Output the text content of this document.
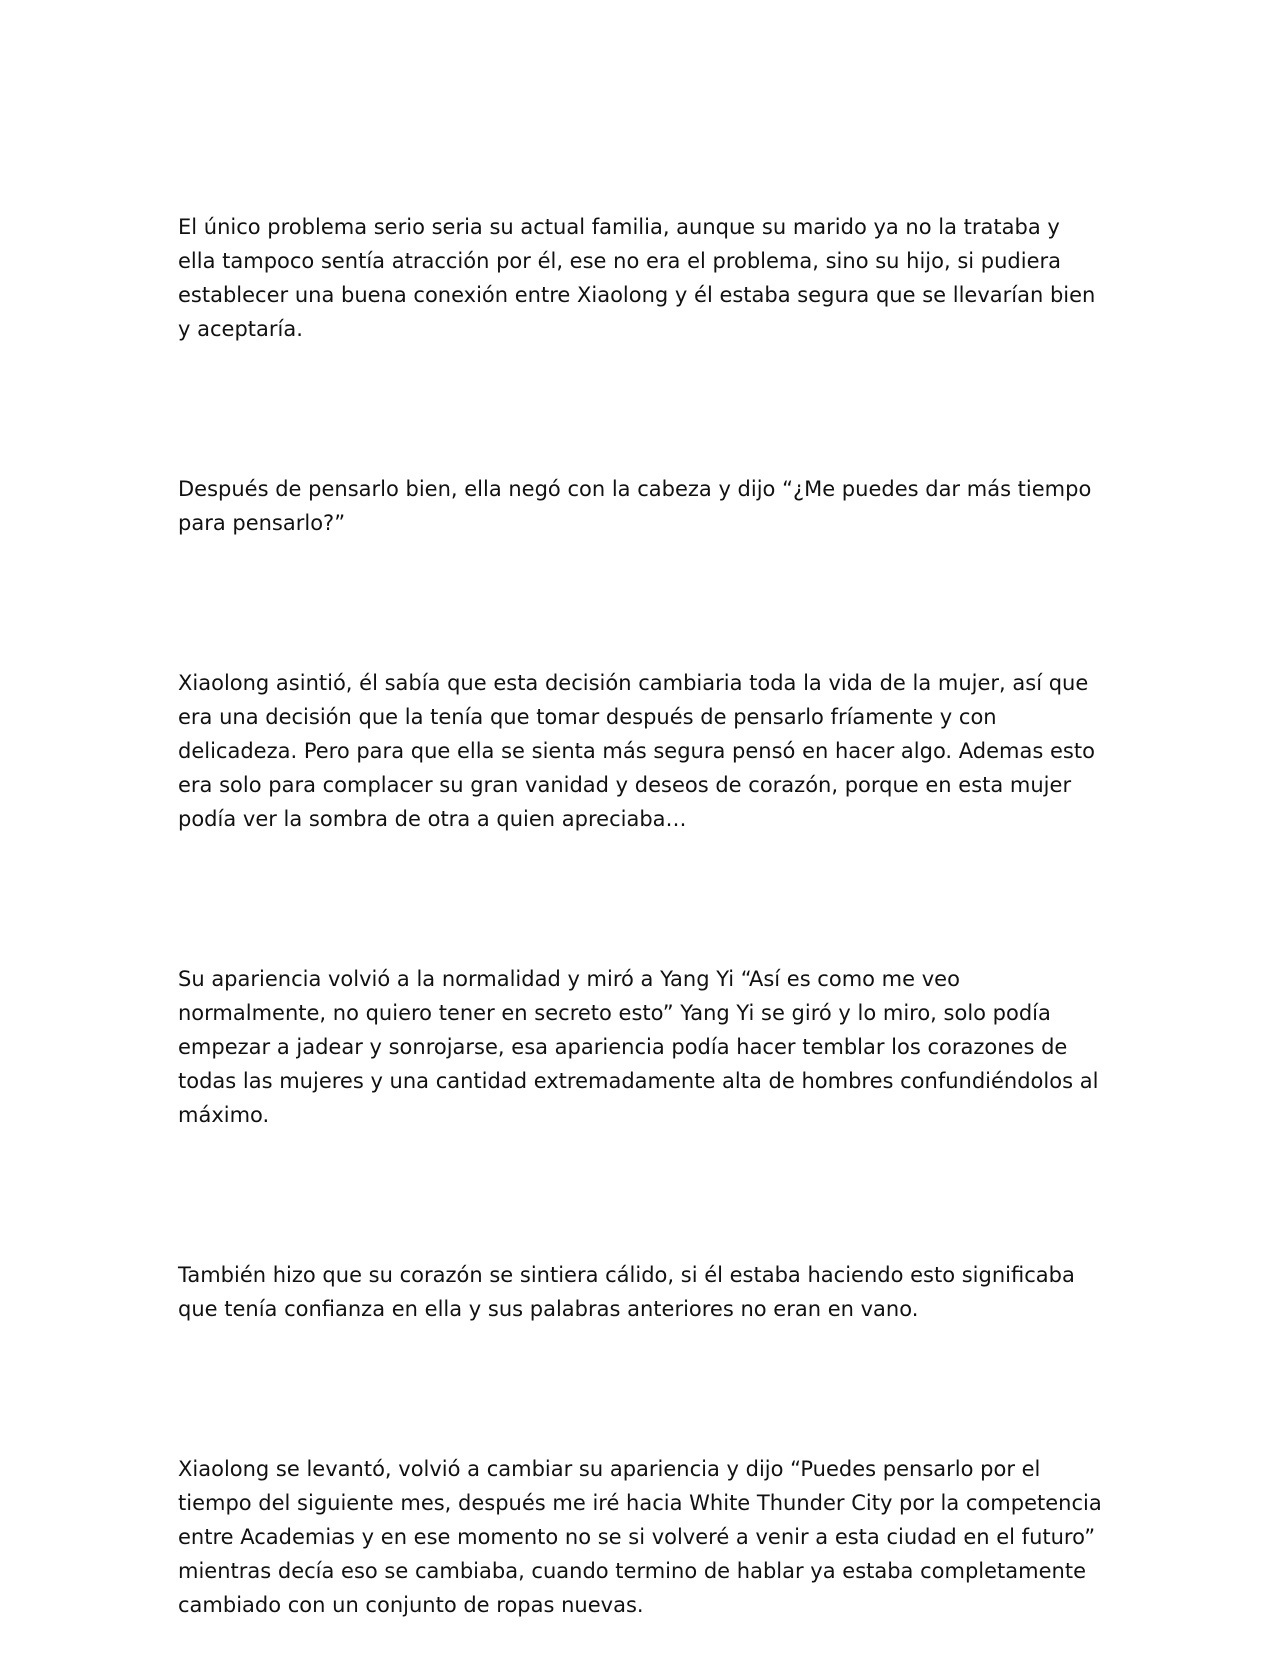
El único problema serio seria su actual familia, aunque su marido ya no la trataba y ella tampoco sentía atracción por él, ese no era el problema, sino su hijo, si pudiera establecer una buena conexión entre Xiaolong y él estaba segura que se llevarían bien y aceptaría.

Después de pensarlo bien, ella negó con la cabeza y dijo “¿Me puedes dar más tiempo para pensarlo?”

Xiaolong asintió, él sabía que esta decisión cambiaria toda la vida de la mujer, así que era una decisión que la tenía que tomar después de pensarlo fríamente y con delicadeza. Pero para que ella se sienta más segura pensó en hacer algo. Ademas esto era solo para complacer su gran vanidad y deseos de corazón, porque en esta mujer podía ver la sombra de otra a quien apreciaba…

Su apariencia volvió a la normalidad y miró a Yang Yi “Así es como me veo normalmente, no quiero tener en secreto esto” Yang Yi se giró y lo miro, solo podía empezar a jadear y sonrojarse, esa apariencia podía hacer temblar los corazones de todas las mujeres y una cantidad extremadamente alta de hombres confundiéndolos al máximo.

También hizo que su corazón se sintiera cálido, si él estaba haciendo esto significaba que tenía confianza en ella y sus palabras anteriores no eran en vano.

Xiaolong se levantó, volvió a cambiar su apariencia y dijo “Puedes pensarlo por el tiempo del siguiente mes, después me iré hacia White Thunder City por la competencia entre Academias y en ese momento no se si volveré a venir a esta ciudad en el futuro” mientras decía eso se cambiaba, cuando termino de hablar ya estaba completamente cambiado con un conjunto de ropas nuevas.
